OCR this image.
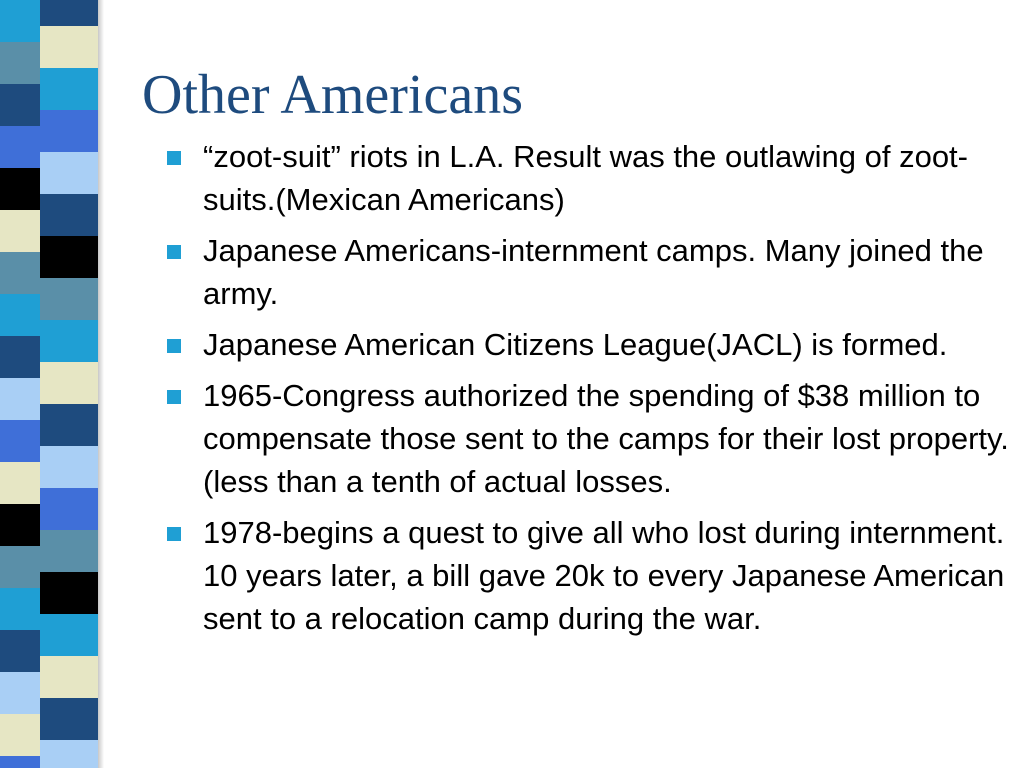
Other Americans
“zoot-suit” riots in L.A. Result was the outlawing of zoot-suits.(Mexican Americans)
Japanese Americans-internment camps. Many joined the army.
Japanese American Citizens League(JACL) is formed.
1965-Congress authorized the spending of $38 million to compensate those sent to the camps for their lost property.(less than a tenth of actual losses.
1978-begins a quest to give all who lost during internment. 10 years later, a bill gave 20k to every Japanese American sent to a relocation camp during the war.
